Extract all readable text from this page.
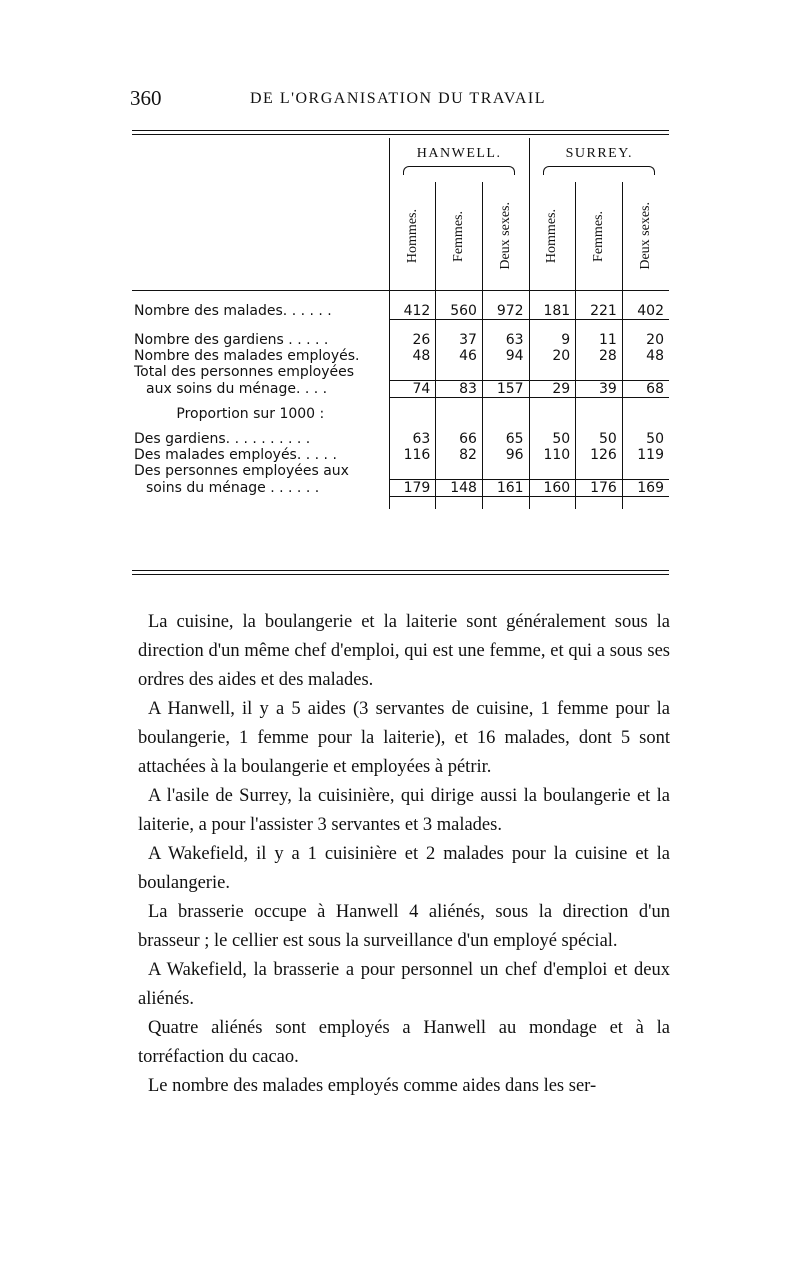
360	DE L'ORGANISATION DU TRAVAIL
	HANWELL.			SURREY.		

	Hommes.	Femmes.	Deux sexes.	Hommes.	Femmes.	Deux sexes.

Nombre des malades. . . . . .	412	560	972	181	221	402

Nombre des gardiens . . . . .	26	37	63	9	11	20
Nombre des malades employés.	48	46	94	20	28	48
Total des personnes employées						
aux soins du ménage. . . .	74	83	157	29	39	68
Proportion sur 1000 :						
Des gardiens. . . . . . . . . .	63	66	65	50	50	50
Des malades employés. . . . .	116	82	96	110	126	119
Des personnes employées aux						
soins du ménage . . . . . .	179	148	161	160	176	169

La cuisine, la boulangerie et la laiterie sont généralement sous la direction d'un même chef d'emploi, qui est une femme, et qui a sous ses ordres des aides et des malades.

A Hanwell, il y a 5 aides (3 servantes de cuisine, 1 femme pour la boulangerie, 1 femme pour la laiterie), et 16 malades, dont 5 sont attachées à la boulangerie et employées à pétrir.

A l'asile de Surrey, la cuisinière, qui dirige aussi la boulangerie et la laiterie, a pour l'assister 3 servantes et 3 malades.

A Wakefield, il y a 1 cuisinière et 2 malades pour la cuisine et la boulangerie.

La brasserie occupe à Hanwell 4 aliénés, sous la direction d'un brasseur ; le cellier est sous la surveillance d'un employé spécial.

A Wakefield, la brasserie a pour personnel un chef d'emploi et deux aliénés.

Quatre aliénés sont employés a Hanwell au mondage et à la torréfaction du cacao.

Le nombre des malades employés comme aides dans les ser-
